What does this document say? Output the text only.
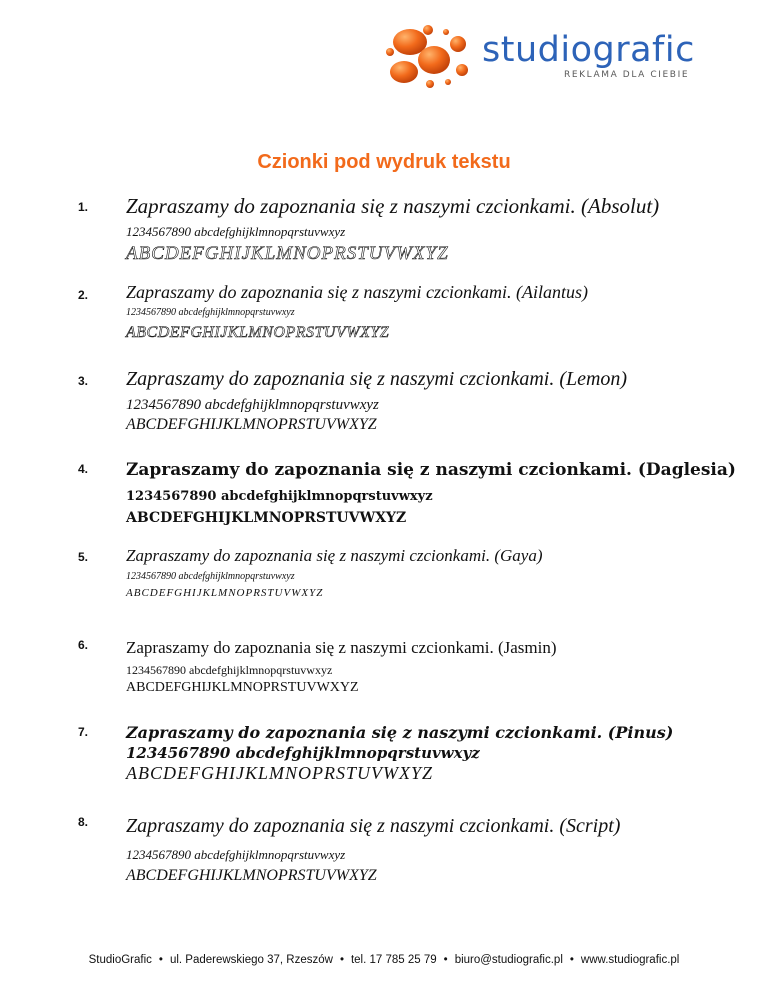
studiografic
REKLAMA DLA CIEBIE
Czionki pod wydruk tekstu
1. Zapraszamy do zapoznania się z naszymi czcionkami. (Absolut)
1234567890 abcdefghijklmnopqrstuvwxyz
ABCDEFGHIJKLMNOPRSTUVWXYZ
2. Zapraszamy do zapoznania się z naszymi czcionkami. (Ailantus)
1234567890 abcdefghijklmnopqrstuvwxyz
ABCDEFGHIJKLMNOPRSTUVWXYZ
3. Zapraszamy do zapoznania się z naszymi czcionkami. (Lemon)
1234567890 abcdefghijklmnopqrstuvwxyz
ABCDEFGHIJKLMNOPRSTUVWXYZ
4. Zapraszamy do zapoznania się z naszymi czcionkami. (Daglesia)
1234567890 abcdefghijklmnopqrstuvwxyz
ABCDEFGHIJKLMNOPRSTUVWXYZ
5. Zapraszamy do zapoznania się z naszymi czcionkami. (Gaya)
1234567890 abcdefghijklmnopqrstuvwxyz
ABCDEFGHIJKLMNOPRSTUVWXYZ
6. Zapraszamy do zapoznania się z naszymi czcionkami. (Jasmin)
1234567890 abcdefghijklmnopqrstuvwxyz
ABCDEFGHIJKLMNOPRSTUVWXYZ
7. Zapraszamy do zapoznania się z naszymi czcionkami. (Pinus)
1234567890 abcdefghijklmnopqrstuvwxyz
ABCDEFGHIJKLMNOPRSTUVWXYZ
8. Zapraszamy do zapoznania się z naszymi czcionkami. (Script)
1234567890 abcdefghijklmnopqrstuvwxyz
ABCDEFGHIJKLMNOPRSTUVWXYZ
StudioGrafic • ul. Paderewskiego 37, Rzeszów • tel. 17 785 25 79 • biuro@studiografic.pl • www.studiografic.pl
